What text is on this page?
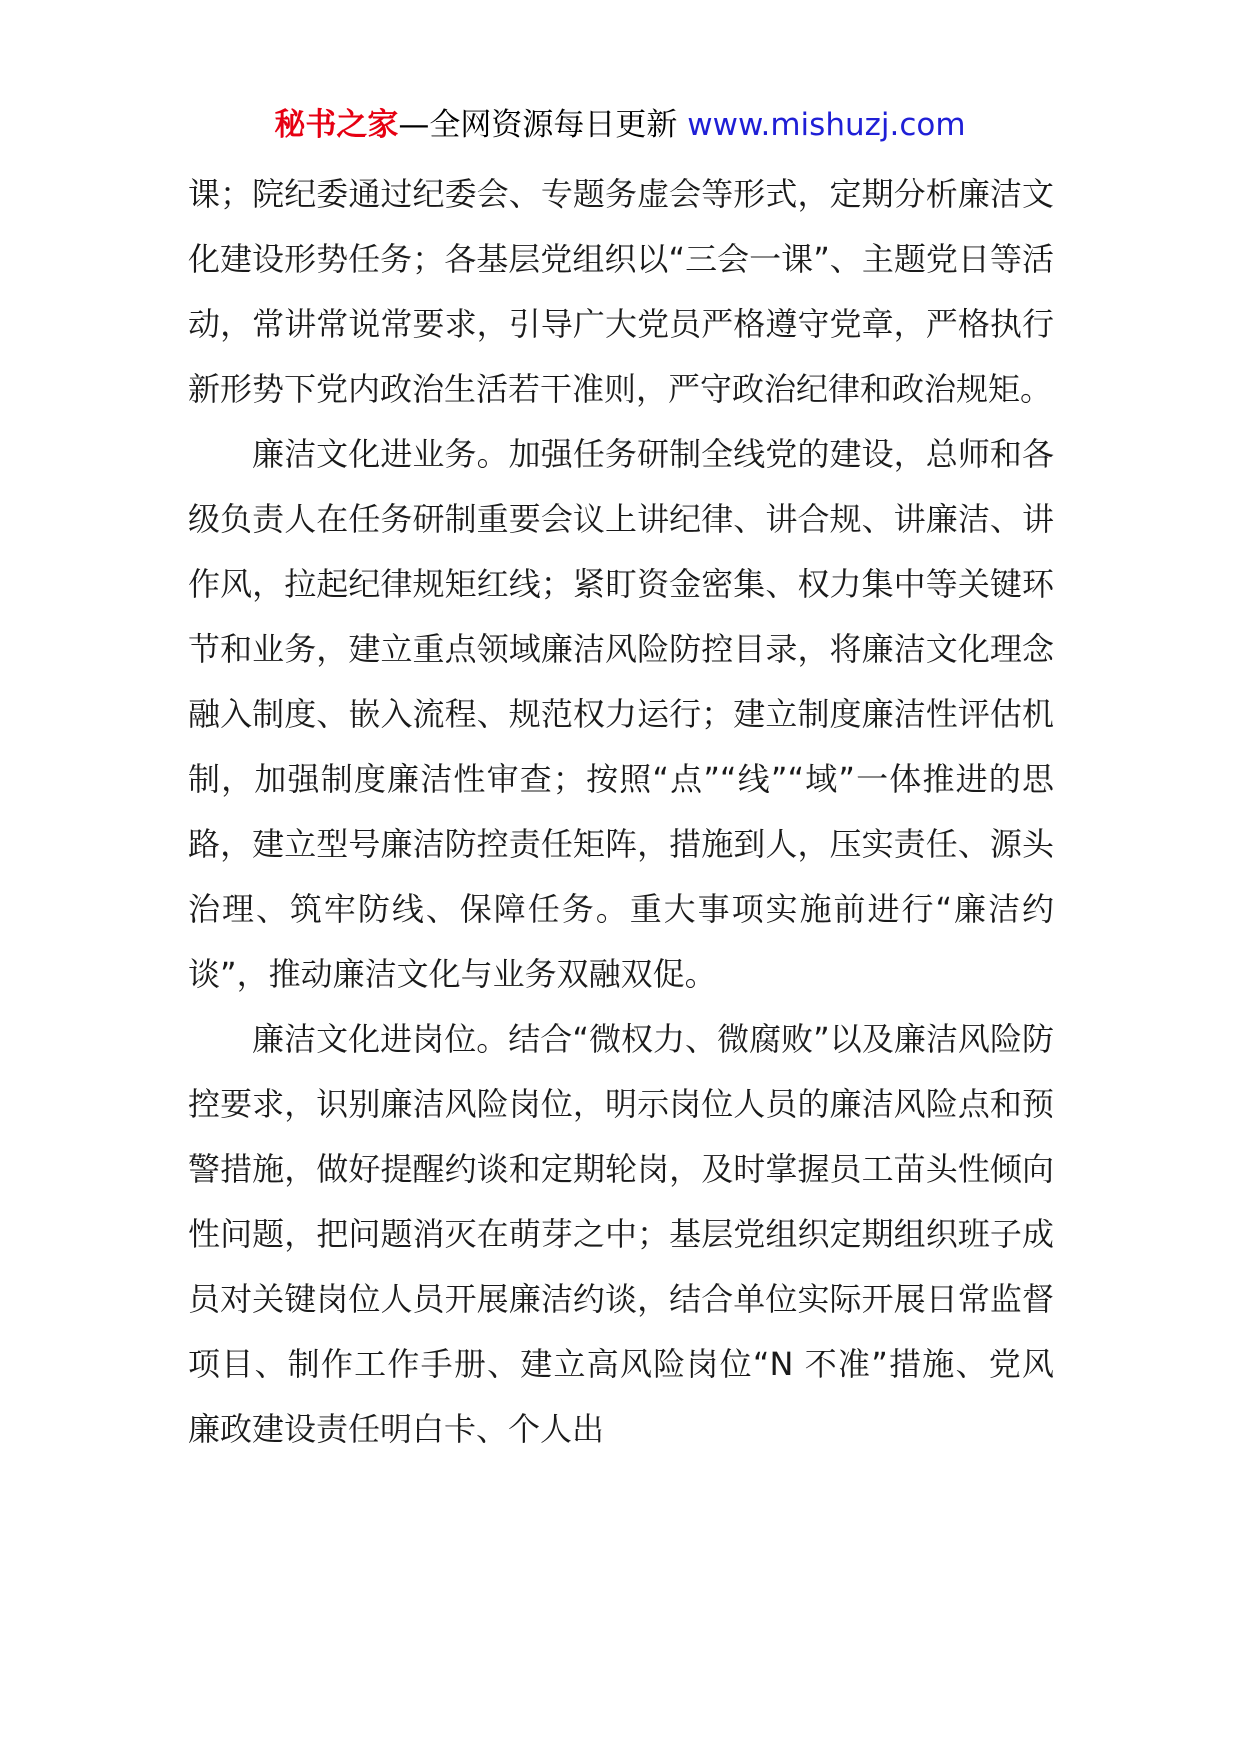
秘书之家—全网资源每日更新 www.mishuzj.com

课；院纪委通过纪委会、专题务虚会等形式，定期分析廉洁文化建设形势任务；各基层党组织以“三会一课”、主题党日等活动，常讲常说常要求，引导广大党员严格遵守党章，严格执行新形势下党内政治生活若干准则，严守政治纪律和政治规矩。

廉洁文化进业务。加强任务研制全线党的建设，总师和各级负责人在任务研制重要会议上讲纪律、讲合规、讲廉洁、讲作风，拉起纪律规矩红线；紧盯资金密集、权力集中等关键环节和业务，建立重点领域廉洁风险防控目录，将廉洁文化理念融入制度、嵌入流程、规范权力运行；建立制度廉洁性评估机制，加强制度廉洁性审查；按照“点”“线”“域”一体推进的思路，建立型号廉洁防控责任矩阵，措施到人，压实责任、源头治理、筑牢防线、保障任务。重大事项实施前进行“廉洁约谈”，推动廉洁文化与业务双融双促。

廉洁文化进岗位。结合“微权力、微腐败”以及廉洁风险防控要求，识别廉洁风险岗位，明示岗位人员的廉洁风险点和预警措施，做好提醒约谈和定期轮岗，及时掌握员工苗头性倾向性问题，把问题消灭在萌芽之中；基层党组织定期组织班子成员对关键岗位人员开展廉洁约谈，结合单位实际开展日常监督项目、制作工作手册、建立高风险岗位“N 不准”措施、党风廉政建设责任明白卡、个人出
